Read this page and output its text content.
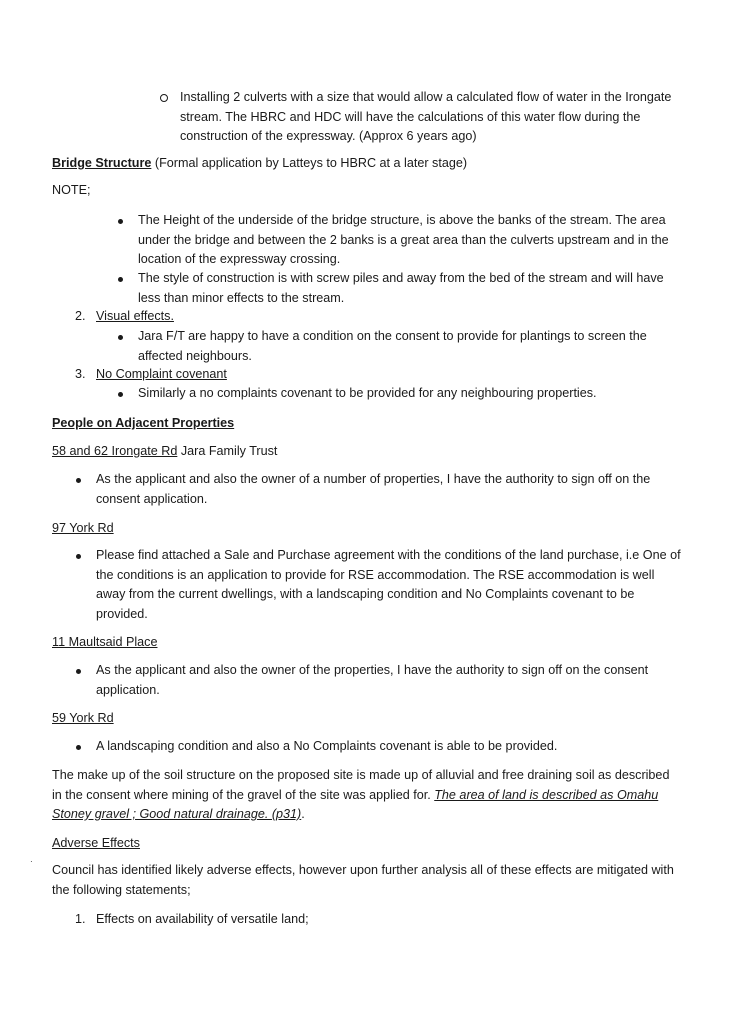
Installing 2 culverts with a size that would allow a calculated flow of water in the Irongate stream. The HBRC and HDC will have the calculations of this water flow during the construction of the expressway. (Approx 6 years ago)

Bridge Structure (Formal application by Latteys to HBRC at a later stage)

NOTE;

The Height of the underside of the bridge structure, is above the banks of the stream. The area under the bridge and between the 2 banks is a great area than the culverts upstream and in the location of the expressway crossing.
The style of construction is with screw piles and away from the bed of the stream and will have less than minor effects to the stream.
2. Visual effects.
Jara F/T are happy to have a condition on the consent to provide for plantings to screen the affected neighbours.
3. No Complaint covenant
Similarly a no complaints covenant to be provided for any neighbouring properties.

People on Adjacent Properties

58 and 62 Irongate Rd Jara Family Trust

As the applicant and also the owner of a number of properties, I have the authority to sign off on the consent application.

97 York Rd

Please find attached a Sale and Purchase agreement with the conditions of the land purchase, i.e One of the conditions is an application to provide for RSE accommodation. The RSE accommodation is well away from the current dwellings, with a landscaping condition and No Complaints covenant to be provided.

11 Maultsaid Place

As the applicant and also the owner of the properties, I have the authority to sign off on the consent application.

59 York Rd

A landscaping condition and also a No Complaints covenant is able to be provided.

The make up of the soil structure on the proposed site is made up of alluvial and free draining soil as described in the consent where mining of the gravel of the site was applied for. The area of land is described as Omahu Stoney gravel ; Good natural drainage. (p31).

Adverse Effects

·

Council has identified likely adverse effects, however upon further analysis all of these effects are mitigated with the following statements;

1. Effects on availability of versatile land;
